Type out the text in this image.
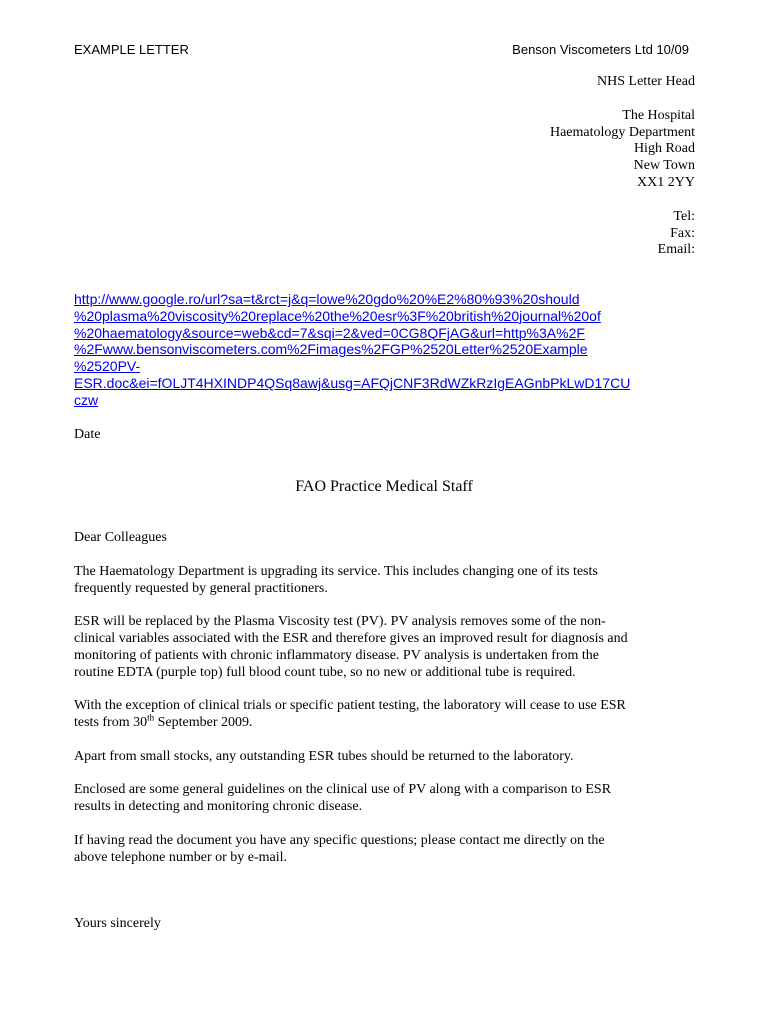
EXAMPLE LETTER	Benson Viscometers Ltd 10/09
NHS Letter Head
The Hospital
Haematology Department
High Road
New Town
XX1 2YY
Tel:
Fax:
Email:
http://www.google.ro/url?sa=t&rct=j&q=lowe%20gdo%20%E2%80%93%20should
%20plasma%20viscosity%20replace%20the%20esr%3F%20british%20journal%20of
%20haematology&source=web&cd=7&sqi=2&ved=0CG8QFjAG&url=http%3A%2F
%2Fwww.bensonviscometers.com%2Fimages%2FGP%2520Letter%2520Example
%2520PV-
ESR.doc&ei=fOLJT4HXINDP4QSq8awj&usg=AFQjCNF3RdWZkRzIgEAGnbPkLwD17CU
czw
Date
FAO Practice Medical Staff
Dear Colleagues

The Haematology Department is upgrading its service. This includes changing one of its tests
frequently requested by general practitioners.

ESR will be replaced by the Plasma Viscosity test (PV). PV analysis removes some of the non-
clinical variables associated with the ESR and therefore gives an improved result for diagnosis and
monitoring of patients with chronic inflammatory disease. PV analysis is undertaken from the
routine EDTA (purple top) full blood count tube, so no new or additional tube is required.

With the exception of clinical trials or specific patient testing, the laboratory will cease to use ESR
tests from 30th September 2009.

Apart from small stocks, any outstanding ESR tubes should be returned to the laboratory.

Enclosed are some general guidelines on the clinical use of PV along with a comparison to ESR
results in detecting and monitoring chronic disease.

If having read the document you have any specific questions; please contact me directly on the
above telephone number or by e-mail.

Yours sincerely
